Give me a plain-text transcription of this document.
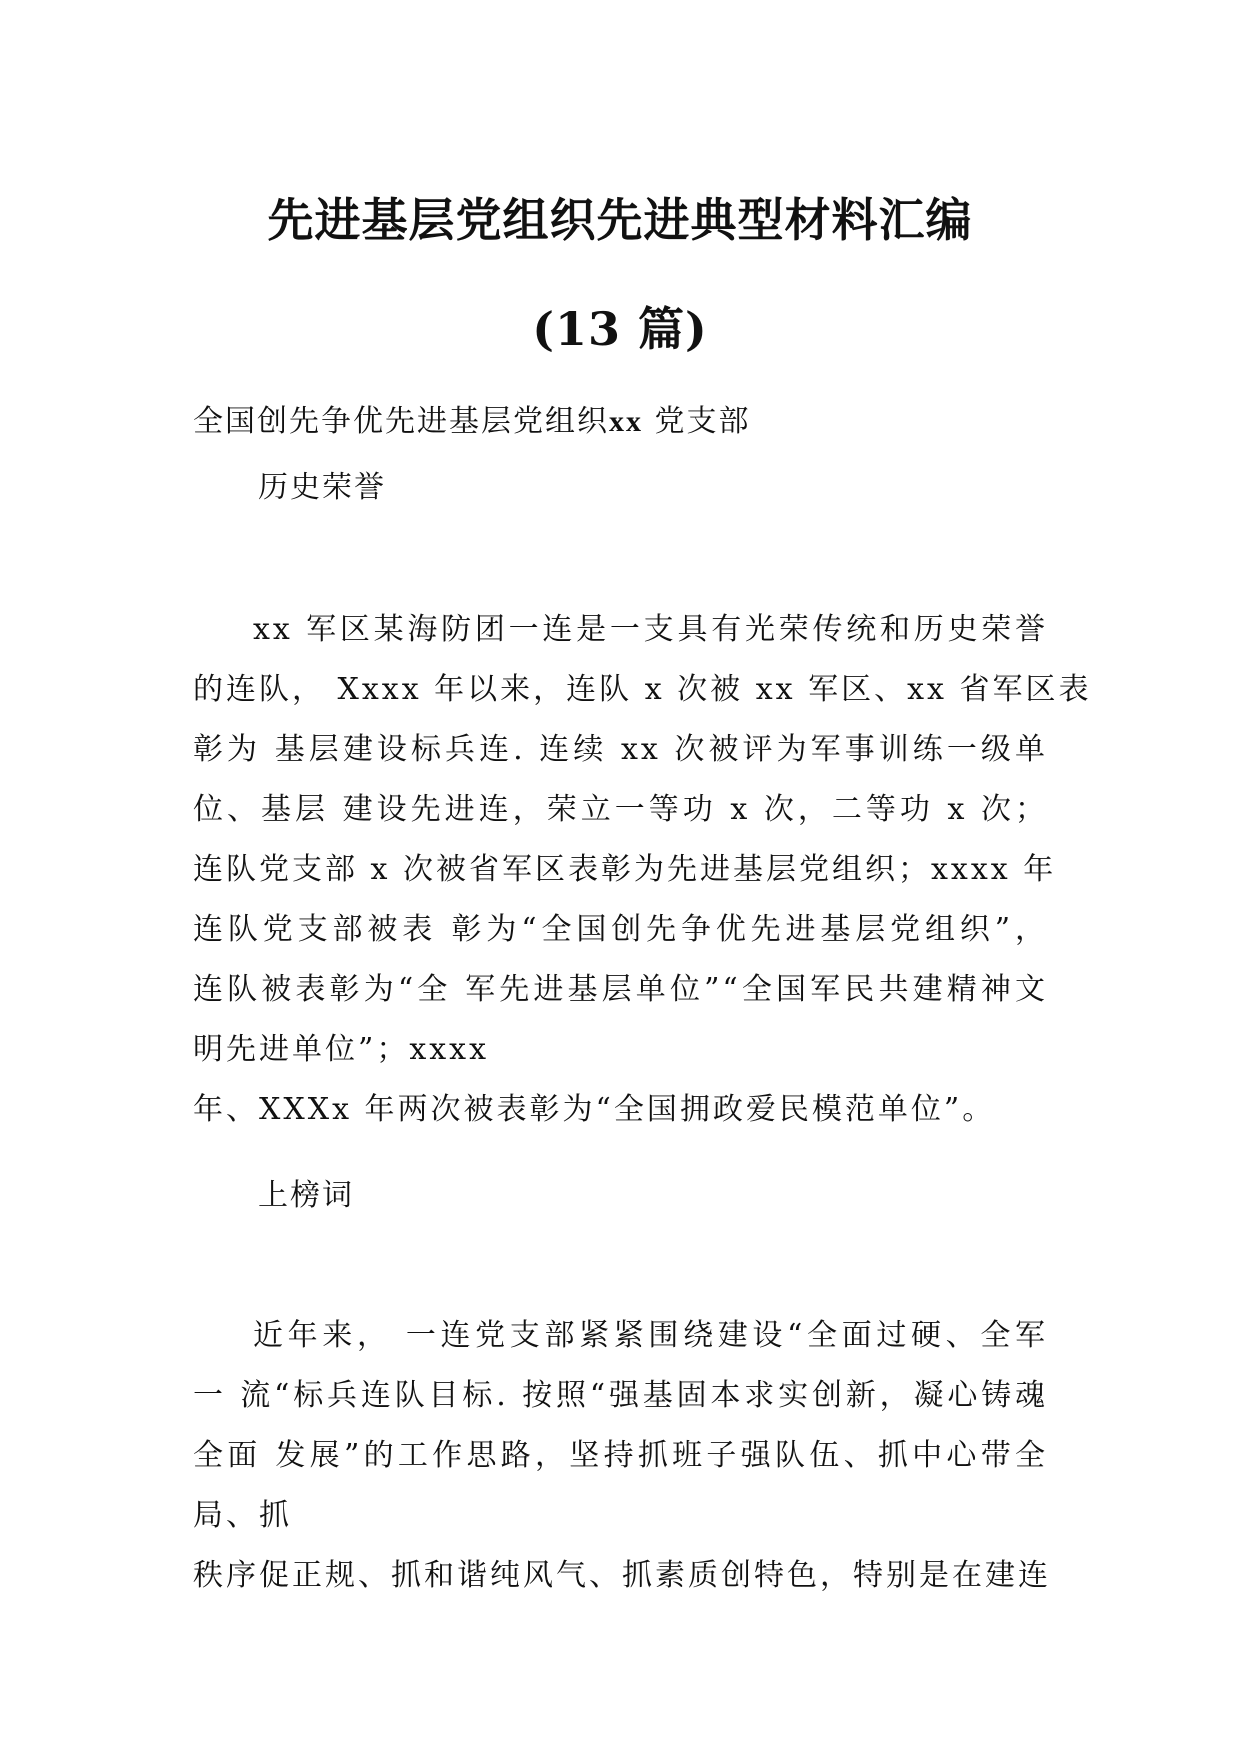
先进基层党组织先进典型材料汇编
(13 篇)
全国创先争优先进基层党组织xx 党支部
历史荣誉
xx 军区某海防团一连是一支具有光荣传统和历史荣誉
的连队， Xxxx 年以来，连队 x 次被 xx 军区、xx 省军区表
彰为 基层建设标兵连. 连续 xx 次被评为军事训练一级单
位、基层 建设先进连，荣立一等功 x 次，二等功 x 次；
连队党支部 x 次被省军区表彰为先进基层党组织；xxxx 年
连队党支部被表 彰为“全国创先争优先进基层党组织”，
连队被表彰为“全 军先进基层单位”“全国军民共建精神文
明先进单位”；xxxx
年、XXXx 年两次被表彰为“全国拥政爱民模范单位”。
上榜词
近年来， 一连党支部紧紧围绕建设“全面过硬、全军
一 流“标兵连队目标. 按照“强基固本求实创新，凝心铸魂
全面 发展”的工作思路，坚持抓班子强队伍、抓中心带全
局、抓
秩序促正规、抓和谐纯风气、抓素质创特色，特别是在建连
